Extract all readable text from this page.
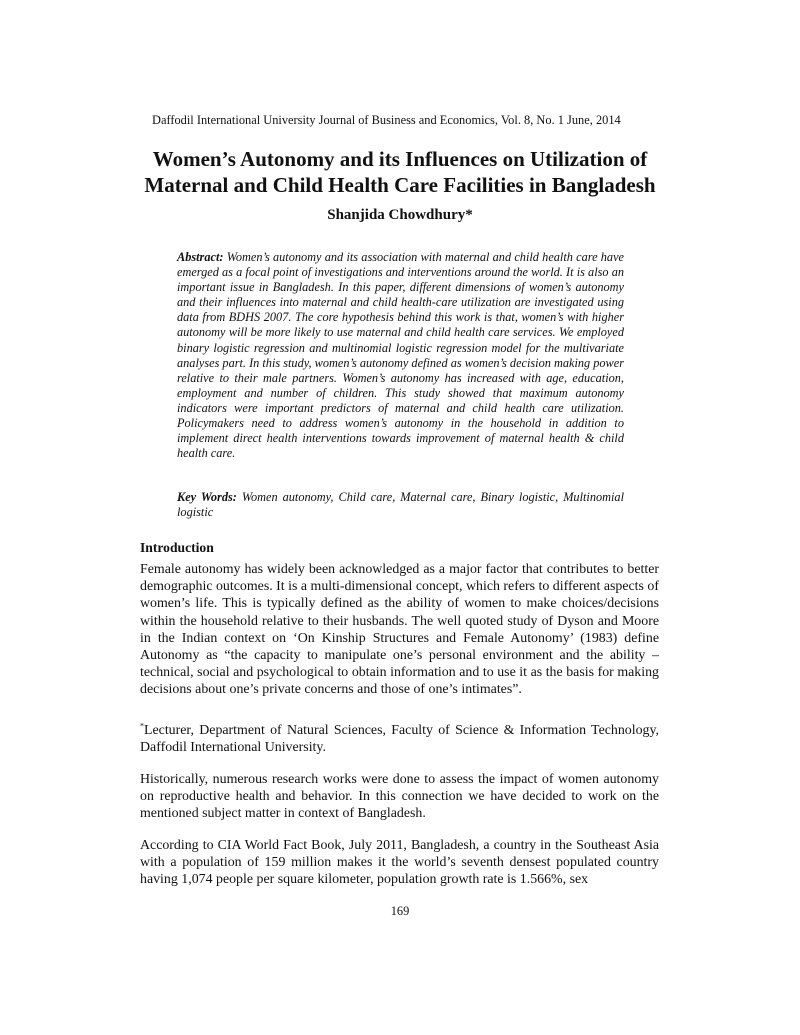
Daffodil International University Journal of Business and Economics, Vol. 8, No. 1 June, 2014
Women’s Autonomy and its Influences on Utilization of
Maternal and Child Health Care Facilities in Bangladesh
Shanjida Chowdhury*
Abstract: Women’s autonomy and its association with maternal and child health care have emerged as a focal point of investigations and interventions around the world. It is also an important issue in Bangladesh. In this paper, different dimensions of women’s autonomy and their influences into maternal and child health-care utilization are investigated using data from BDHS 2007. The core hypothesis behind this work is that, women’s with higher autonomy will be more likely to use maternal and child health care services. We employed binary logistic regression and multinomial logistic regression model for the multivariate analyses part. In this study, women’s autonomy defined as women’s decision making power relative to their male partners. Women’s autonomy has increased with age, education, employment and number of children. This study showed that maximum autonomy indicators were important predictors of maternal and child health care utilization. Policymakers need to address women’s autonomy in the household in addition to implement direct health interventions towards improvement of maternal health & child health care.
Key Words: Women autonomy, Child care, Maternal care, Binary logistic, Multinomial logistic
Introduction
Female autonomy has widely been acknowledged as a major factor that contributes to better demographic outcomes. It is a multi-dimensional concept, which refers to different aspects of women’s life. This is typically defined as the ability of women to make choices/decisions within the household relative to their husbands. The well quoted study of Dyson and Moore in the Indian context on ‘On Kinship Structures and Female Autonomy’ (1983) define Autonomy as “the capacity to manipulate one’s personal environment and the ability – technical, social and psychological to obtain information and to use it as the basis for making decisions about one’s private concerns and those of one’s intimates”.
*Lecturer, Department of Natural Sciences, Faculty of Science & Information Technology, Daffodil International University.
Historically, numerous research works were done to assess the impact of women autonomy on reproductive health and behavior. In this connection we have decided to work on the mentioned subject matter in context of Bangladesh.
According to CIA World Fact Book, July 2011, Bangladesh, a country in the Southeast Asia with a population of 159 million makes it the world’s seventh densest populated country having 1,074 people per square kilometer, population growth rate is 1.566%, sex
169
